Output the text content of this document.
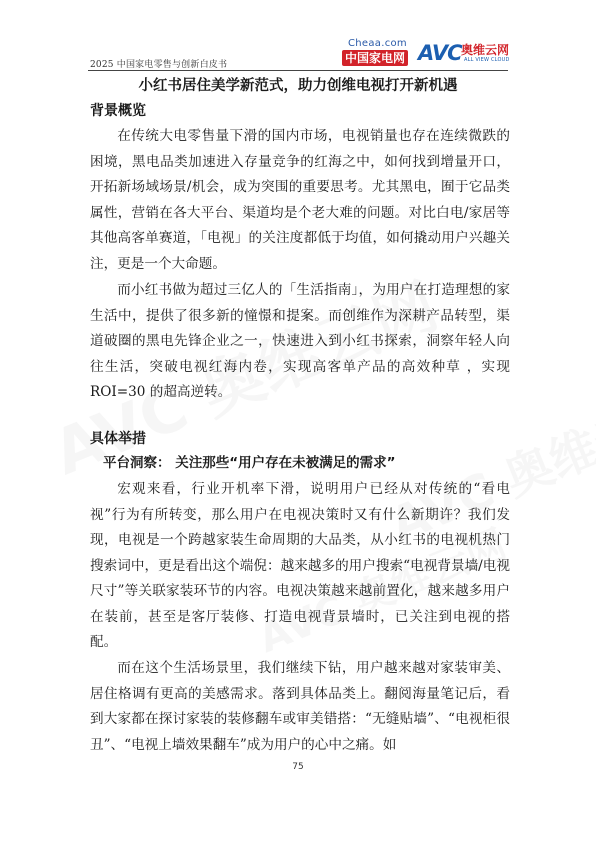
2025 中国家电零售与创新白皮书
Cheaa.com
中国家电网 AVC 奥维云网
ALL VIEW CLOUD
小红书居住美学新范式，助力创维电视打开新机遇
背景概览

在传统大电零售量下滑的国内市场，电视销量也存在连续微跌的困境，黑电品类加速进入存量竞争的红海之中，如何找到增量开口，开拓新场域场景/机会，成为突围的重要思考。尤其黑电，囿于它品类属性，营销在各大平台、渠道均是个老大难的问题。对比白电/家居等其他高客单赛道，「电视」的关注度都低于均值，如何撬动用户兴趣关注，更是一个大命题。

而小红书做为超过三亿人的「生活指南」，为用户在打造理想的家生活中，提供了很多新的憧憬和提案。而创维作为深耕产品转型，渠道破圈的黑电先锋企业之一，快速进入到小红书探索，洞察年轻人向往生活，突破电视红海内卷，实现高客单产品的高效种草 ，实现 ROI=30 的超高逆转。

具体举措
平台洞察： 关注那些“用户存在未被满足的需求”

宏观来看，行业开机率下滑，说明用户已经从对传统的“看电视”行为有所转变，那么用户在电视决策时又有什么新期许？我们发现，电视是一个跨越家装生命周期的大品类，从小红书的电视机热门搜索词中，更是看出这个端倪：越来越多的用户搜索“电视背景墙/电视尺寸”等关联家装环节的内容。电视决策越来越前置化，越来越多用户在装前，甚至是客厅装修、打造电视背景墙时，已关注到电视的搭配。

而在这个生活场景里，我们继续下钻，用户越来越对家装审美、居住格调有更高的美感需求。落到具体品类上。翻阅海量笔记后，看到大家都在探讨家装的装修翻车或审美错搭：“无缝贴墙”、“电视柜很丑”、“电视上墙效果翻车”成为用户的心中之痛。如

75
